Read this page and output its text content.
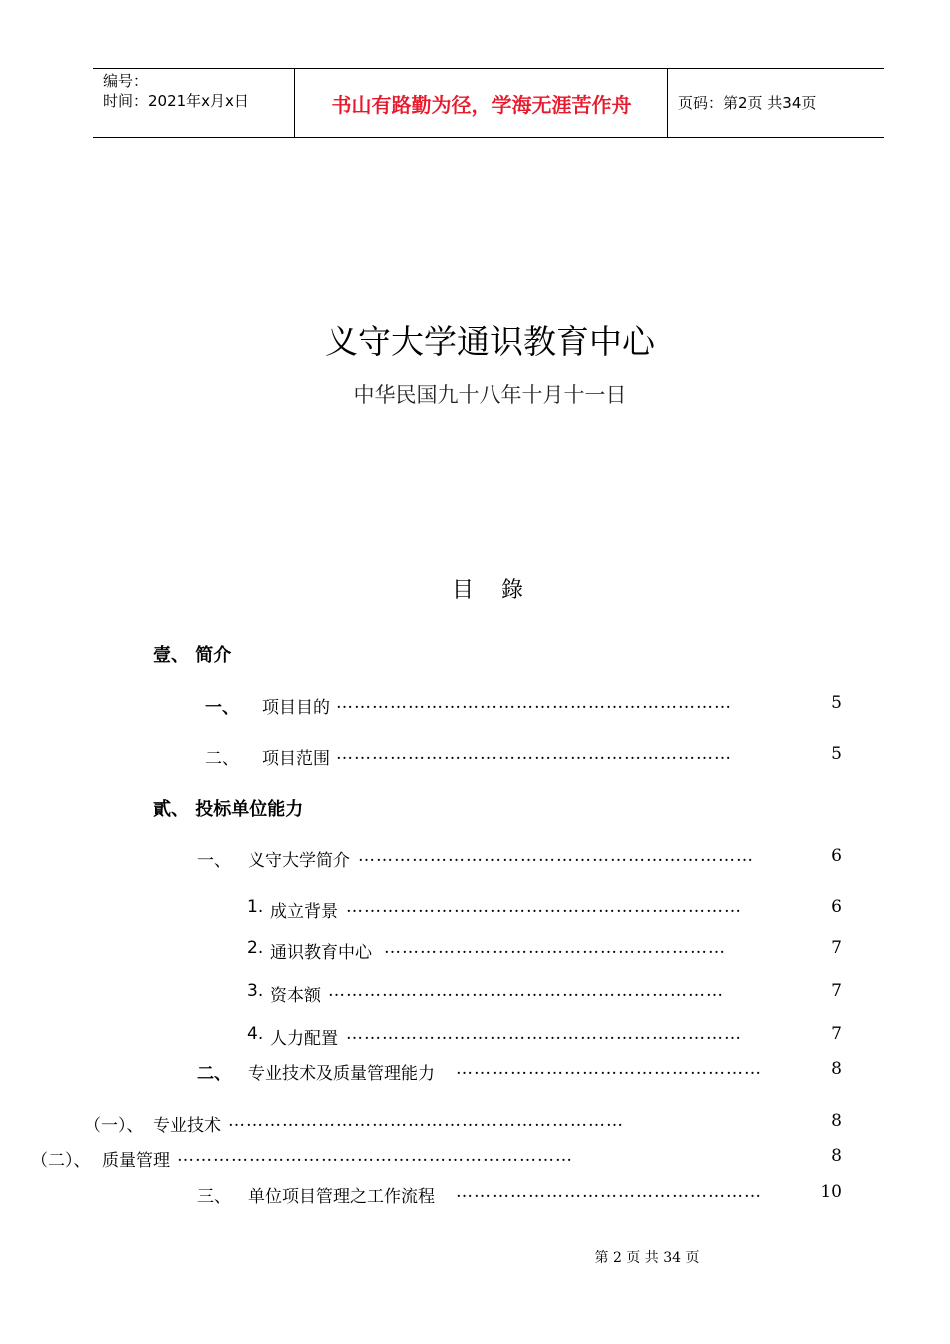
编号：
时间：2021年x月x日	书山有路勤为径，学海无涯苦作舟	页码：第2页 共34页
义守大学通识教育中心
中华民国九十八年十月十一日
目 錄
壹、 简介
貳、 投标单位能力
一、 项目目的 …………………………………………………………	5
二、 项目范围 …………………………………………………………	5
一、 义守大学简介 …………………………………………………………	6
1. 成立背景 …………………………………………………………	6
2. 通识教育中心 …………………………………………………	7
3. 资本额 …………………………………………………………	7
4. 人力配置 …………………………………………………………	7
二、 专业技术及质量管理能力 ……………………………………………	8
（一）、 专业技术 …………………………………………………………	8
（二）、 质量管理 …………………………………………………………	8
三、 单位项目管理之工作流程 ……………………………………………	10
第 2 页 共 34 页
